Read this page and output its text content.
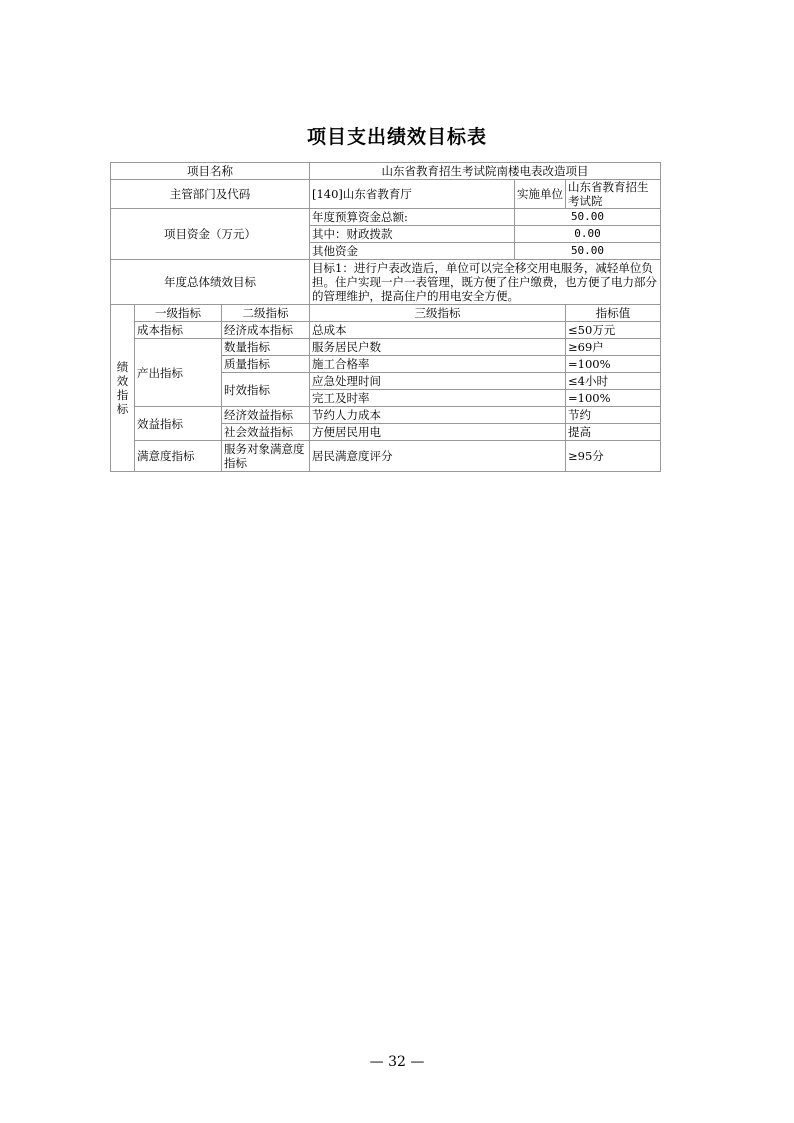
项目支出绩效目标表
项目名称			山东省教育招生考试院南楼电表改造项目		
主管部门及代码			[140]山东省教育厅	实施单位	山东省教育招生考试院
项目资金（万元）			年度预算资金总额:	50.00	
			其中：财政拨款	0.00	
			其他资金	50.00	
年度总体绩效目标			目标1：进行户表改造后，单位可以完全移交用电服务，减轻单位负担。住户实现一户一表管理，既方便了住户缴费，也方便了电力部分的管理维护，提高住户的用电安全方便。		

绩
效
指
标	一级指标	二级指标	三级指标		指标值
	成本指标	经济成本指标	总成本		≤50万元
	产出指标	数量指标	服务居民户数		≥69户
		质量指标	施工合格率		=100%
		时效指标	应急处理时间		≤4小时
			完工及时率		=100%
	效益指标	经济效益指标	节约人力成本		节约
		社会效益指标	方便居民用电		提高
	满意度指标	服务对象满意度指标	居民满意度评分		≥95分
— 32 —
